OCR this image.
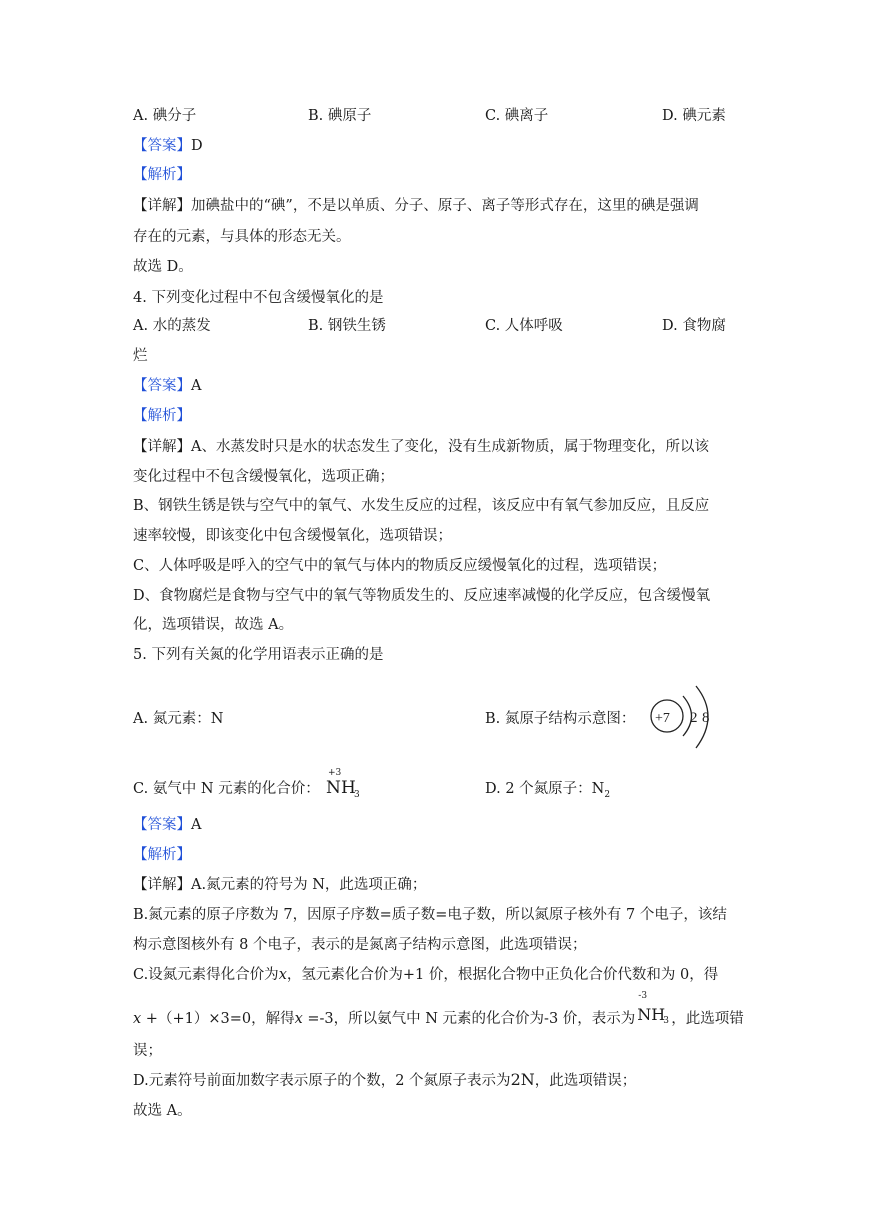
A. 碘分子	B. 碘原子	C. 碘离子	D. 碘元素
【答案】D
【解析】
【详解】加碘盐中的“碘”，不是以单质、分子、原子、离子等形式存在，这里的碘是强调
存在的元素，与具体的形态无关。
故选 D。
4. 下列变化过程中不包含缓慢氧化的是
A. 水的蒸发	B. 钢铁生锈	C. 人体呼吸	D. 食物腐
烂
【答案】A
【解析】
【详解】A、水蒸发时只是水的状态发生了变化，没有生成新物质，属于物理变化，所以该
变化过程中不包含缓慢氧化，选项正确；
B、钢铁生锈是铁与空气中的氧气、水发生反应的过程，该反应中有氧气参加反应，且反应
速率较慢，即该变化中包含缓慢氧化，选项错误；
C、人体呼吸是呼入的空气中的氧气与体内的物质反应缓慢氧化的过程，选项错误；
D、食物腐烂是食物与空气中的氧气等物质发生的、反应速率减慢的化学反应，包含缓慢氧
化，选项错误，故选 A。
5. 下列有关氮的化学用语表示正确的是
A. 氮元素：N	B. 氮原子结构示意图： +7 2 8
C. 氨气中 N 元素的化合价：
+3
N H
3	D. 2 个氮原子：$N_2$
【答案】A
【解析】
【详解】A.氮元素的符号为 N，此选项正确；
B.氮元素的原子序数为 7，因原子序数=质子数=电子数，所以氮原子核外有 7 个电子，该结
构示意图核外有 8 个电子，表示的是氮离子结构示意图，此选项错误；
C.设氮元素得化合价为x，氢元素化合价为+1 价，根据化合物中正负化合价代数和为 0，得
x +（+1）×3=0，解得x =-3，所以氨气中 N 元素的化合价为-3 价，表示为
-3
N H
3 ，此选项错
误；
D.元素符号前面加数字表示原子的个数，2 个氮原子表示为2N，此选项错误；
故选 A。
